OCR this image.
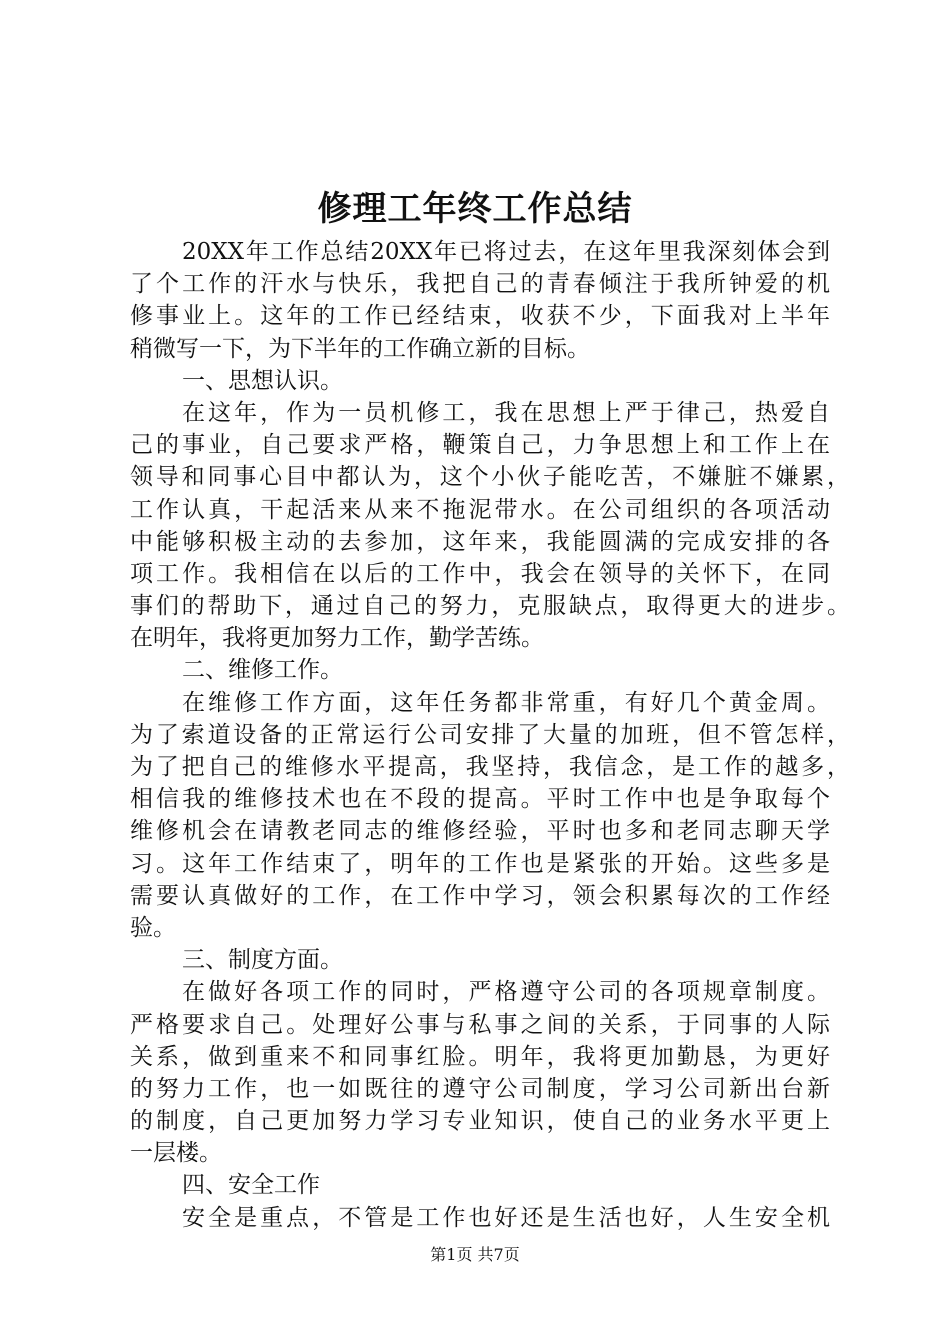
修理工年终工作总结
20XX年工作总结20XX年已将过去，在这年里我深刻体会到
了个工作的汗水与快乐，我把自己的青春倾注于我所钟爱的机
修事业上。这年的工作已经结束，收获不少，下面我对上半年
稍微写一下，为下半年的工作确立新的目标。
一、思想认识。
在这年，作为一员机修工，我在思想上严于律己，热爱自
己的事业，自己要求严格，鞭策自己，力争思想上和工作上在
领导和同事心目中都认为，这个小伙子能吃苦，不嫌脏不嫌累，
工作认真，干起活来从来不拖泥带水。在公司组织的各项活动
中能够积极主动的去参加，这年来，我能圆满的完成安排的各
项工作。我相信在以后的工作中，我会在领导的关怀下，在同
事们的帮助下，通过自己的努力，克服缺点，取得更大的进步。
在明年，我将更加努力工作，勤学苦练。
二、维修工作。
在维修工作方面，这年任务都非常重，有好几个黄金周。
为了索道设备的正常运行公司安排了大量的加班，但不管怎样，
为了把自己的维修水平提高，我坚持，我信念，是工作的越多，
相信我的维修技术也在不段的提高。平时工作中也是争取每个
维修机会在请教老同志的维修经验，平时也多和老同志聊天学
习。这年工作结束了，明年的工作也是紧张的开始。这些多是
需要认真做好的工作，在工作中学习，领会积累每次的工作经
验。
三、制度方面。
在做好各项工作的同时，严格遵守公司的各项规章制度。
严格要求自己。处理好公事与私事之间的关系，于同事的人际
关系，做到重来不和同事红脸。明年，我将更加勤恳，为更好
的努力工作，也一如既往的遵守公司制度，学习公司新出台新
的制度，自己更加努力学习专业知识，使自己的业务水平更上
一层楼。
四、安全工作
安全是重点，不管是工作也好还是生活也好，人生安全机
第1页 共7页
